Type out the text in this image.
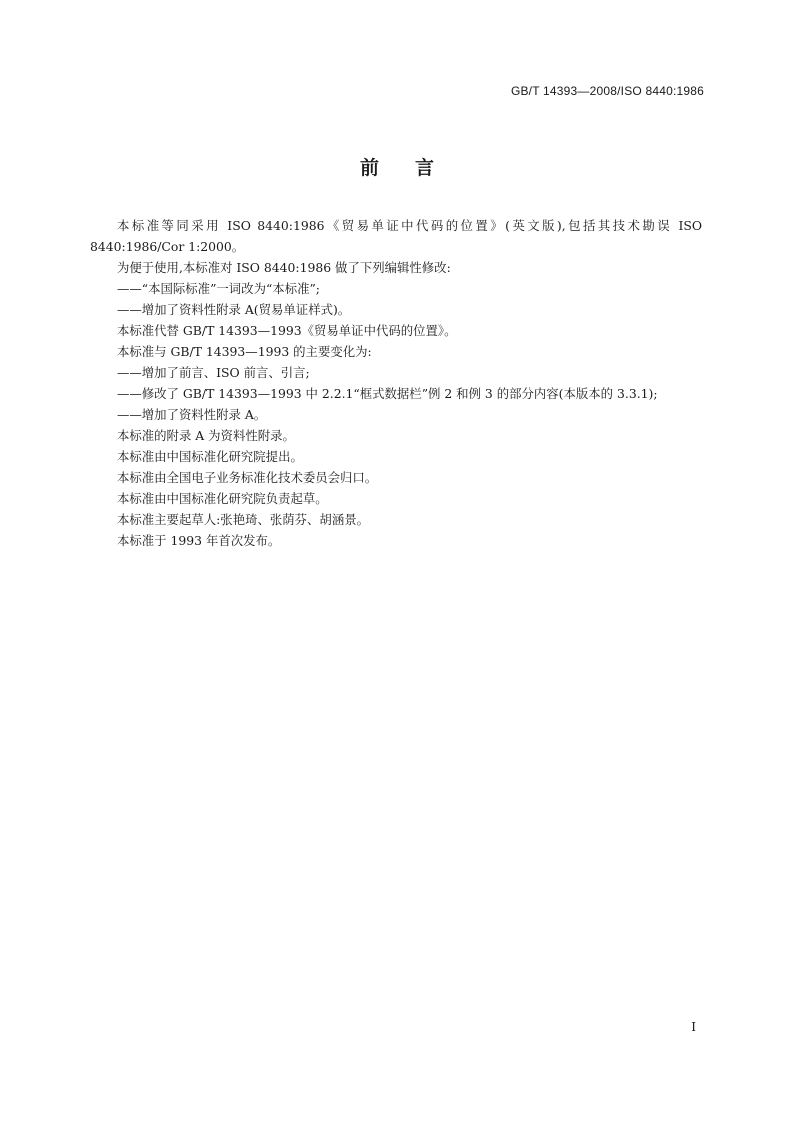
GB/T 14393—2008/ISO 8440:1986
前言

本标准等同采用 ISO 8440:1986《贸易单证中代码的位置》(英文版),包括其技术勘误 ISO 8440:1986/Cor 1:2000。

为便于使用,本标准对 ISO 8440:1986 做了下列编辑性修改:

——“本国际标准”一词改为“本标准”;

——增加了资料性附录 A(贸易单证样式)。

本标准代替 GB/T 14393—1993《贸易单证中代码的位置》。

本标准与 GB/T 14393—1993 的主要变化为:

——增加了前言、ISO 前言、引言;

——修改了 GB/T 14393—1993 中 2.2.1“框式数据栏”例 2 和例 3 的部分内容(本版本的 3.3.1);

——增加了资料性附录 A。

本标准的附录 A 为资料性附录。

本标准由中国标准化研究院提出。

本标准由全国电子业务标准化技术委员会归口。

本标准由中国标准化研究院负责起草。

本标准主要起草人:张艳琦、张荫芬、胡涵景。

本标准于 1993 年首次发布。

I
